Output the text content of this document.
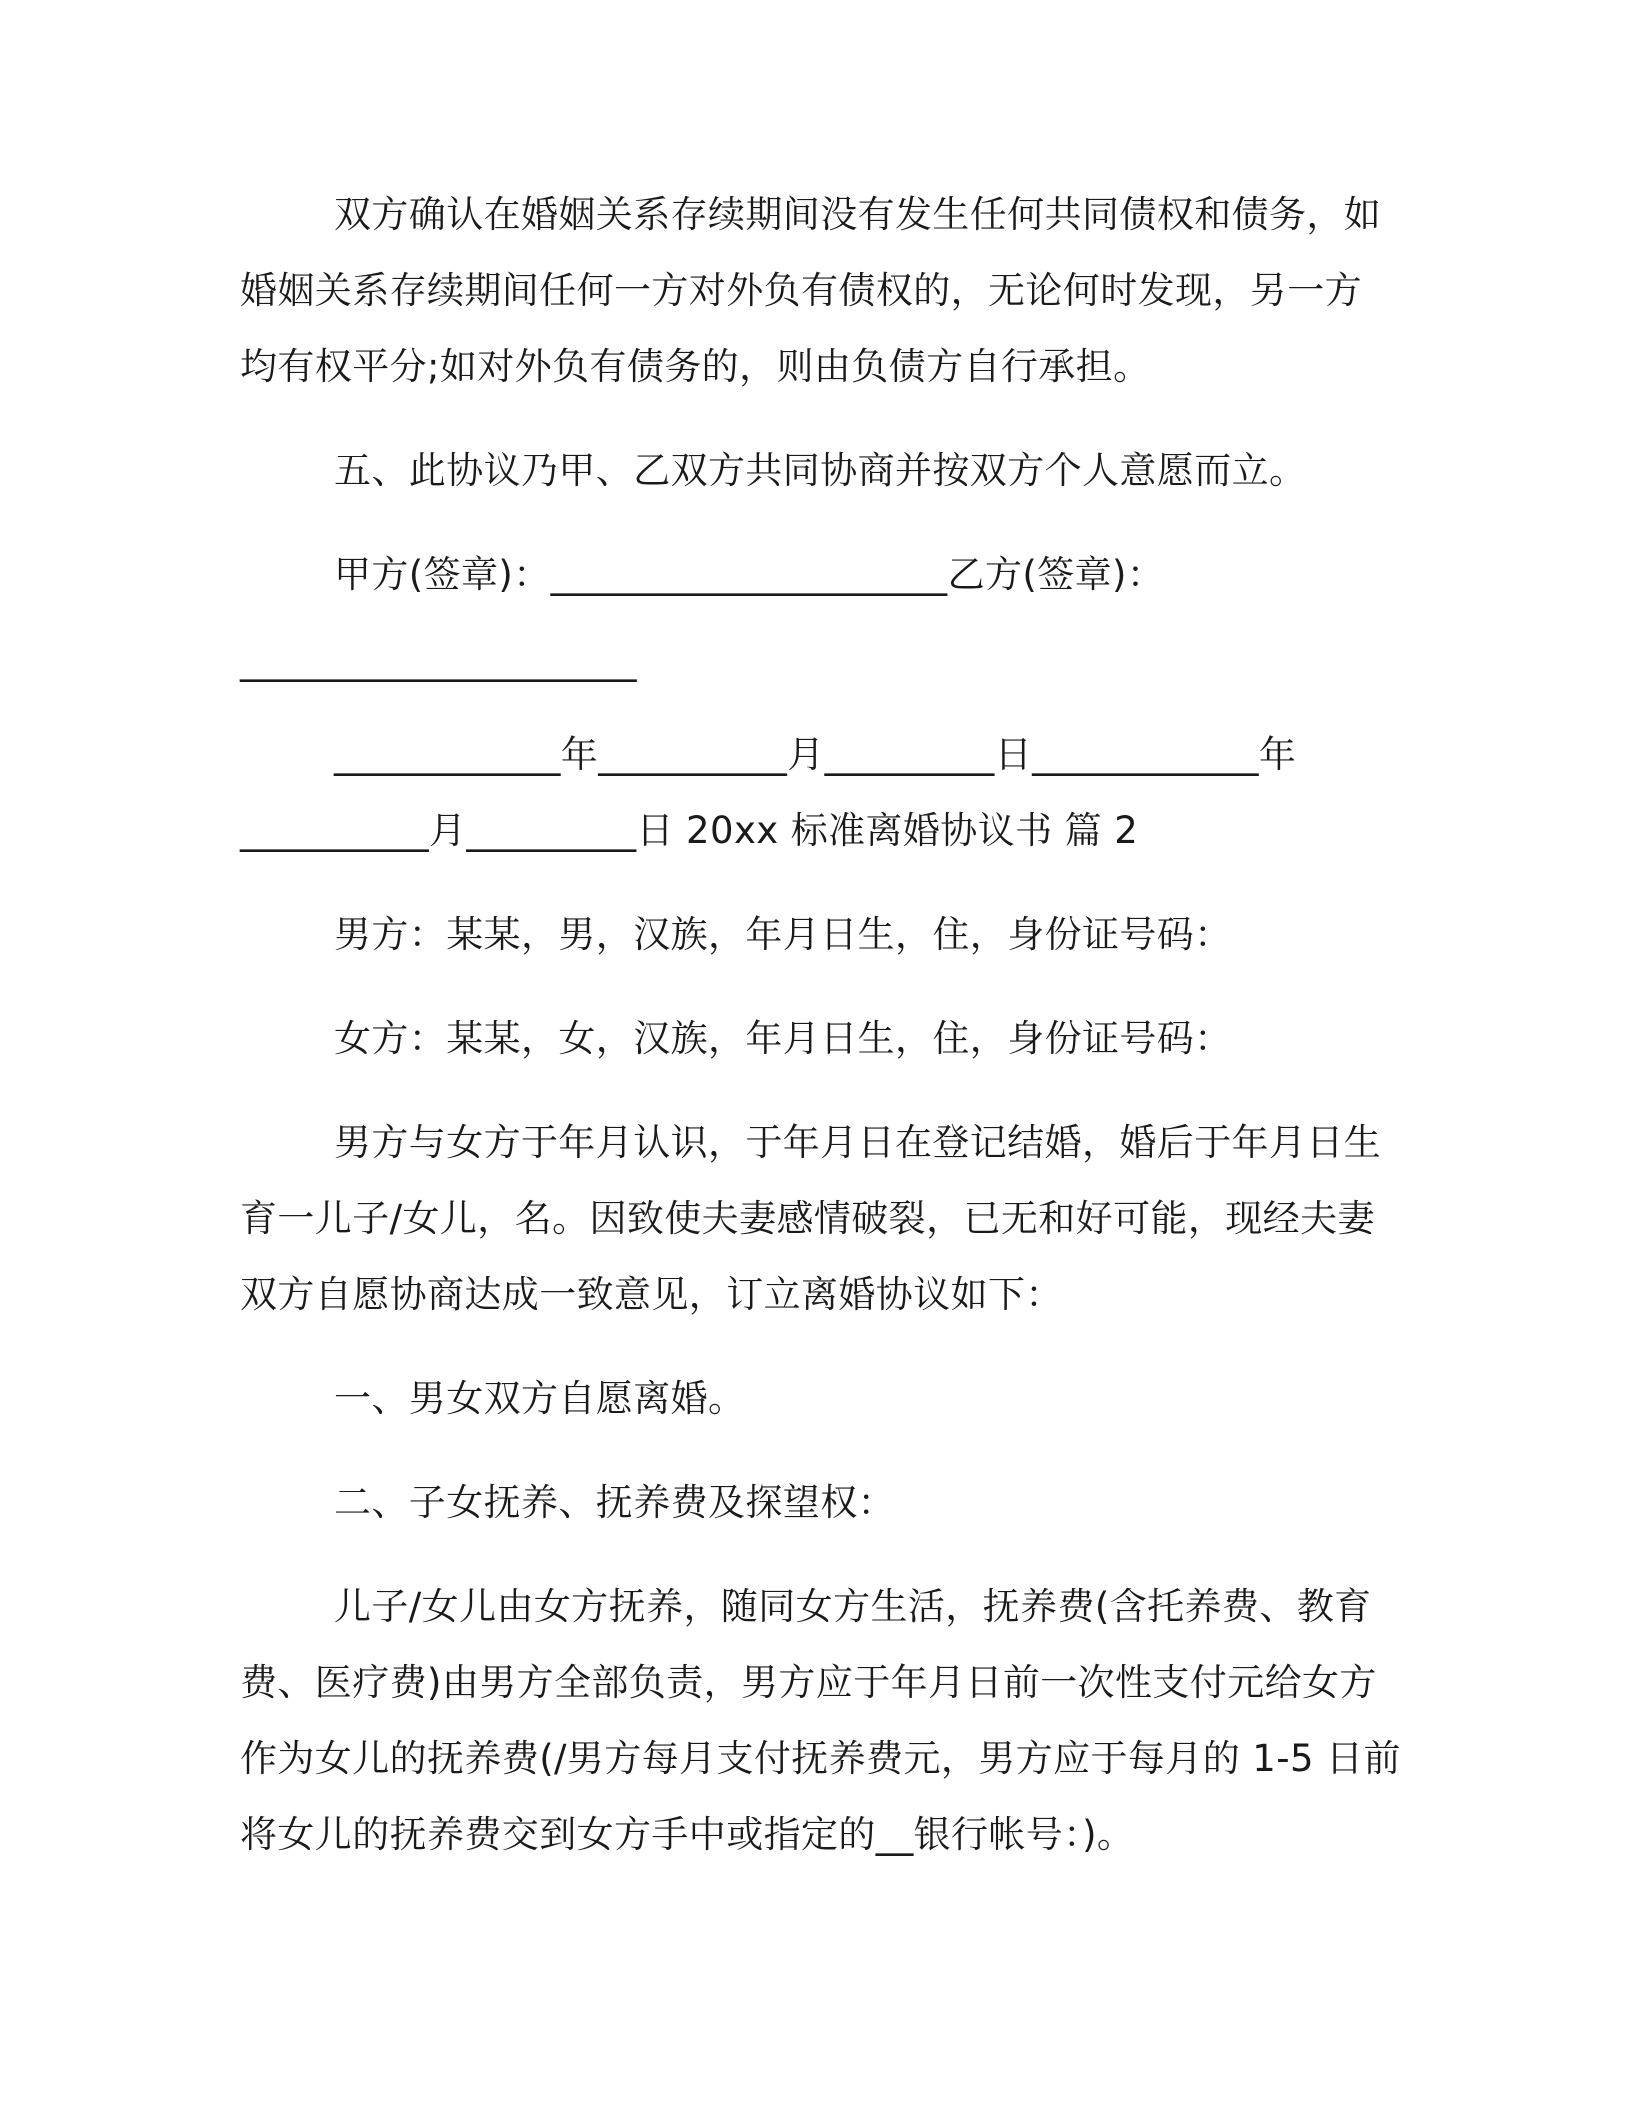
双方确认在婚姻关系存续期间没有发生任何共同债权和债务，如
婚姻关系存续期间任何一方对外负有债权的，无论何时发现，另一方
均有权平分;如对外负有债务的，则由负债方自行承担。
五、此协议乃甲、乙双方共同协商并按双方个人意愿而立。
甲方(签章)：_____________________乙方(签章)：
_____________________
____________年__________月_________日____________年
__________月_________日 20xx 标准离婚协议书 篇 2
男方：某某，男，汉族，年月日生，住，身份证号码：
女方：某某，女，汉族，年月日生，住，身份证号码：
男方与女方于年月认识，于年月日在登记结婚，婚后于年月日生
育一儿子/女儿，名。因致使夫妻感情破裂，已无和好可能，现经夫妻
双方自愿协商达成一致意见，订立离婚协议如下：
一、男女双方自愿离婚。
二、子女抚养、抚养费及探望权：
儿子/女儿由女方抚养，随同女方生活，抚养费(含托养费、教育
费、医疗费)由男方全部负责，男方应于年月日前一次性支付元给女方
作为女儿的抚养费(/男方每月支付抚养费元，男方应于每月的 1-5 日前
将女儿的抚养费交到女方手中或指定的__银行帐号：)。
